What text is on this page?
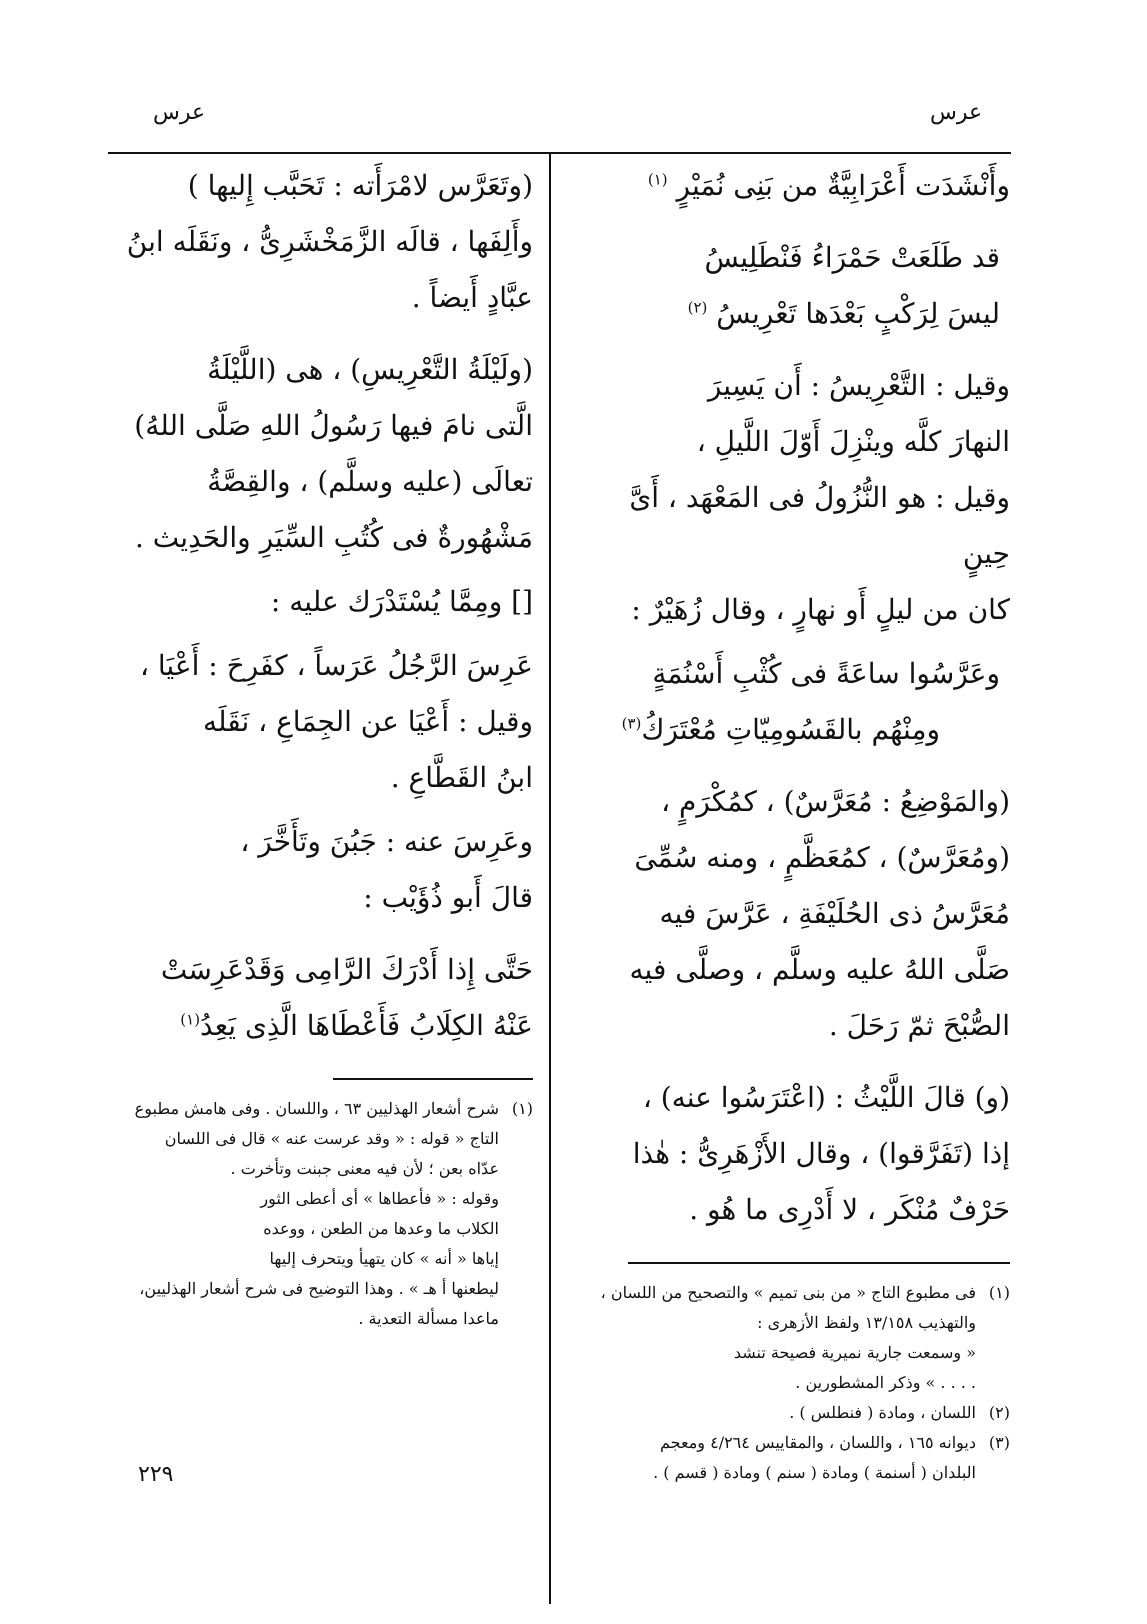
عرس
عرس

وأَنْشَدَت أَعْرَابِيَّةٌ من بَنِى نُمَيْرٍ $^{(١)}$

قد طَلَعَتْ حَمْرَاءُ فَنْطَلِيسُ

ليسَ لِرَكْبٍ بَعْدَها تَعْرِيسُ $^{(٢)}$

وقيل : التَّعْرِيسُ : أَن يَسِيرَ

النهارَ كلَّه وينْزِلَ أَوّلَ اللَّيلِ ،

وقيل : هو النُّزُولُ فى المَعْهَد ، أَىَّ حِينٍ

كان من ليلٍ أَو نهارٍ ، وقال زُهَيْرٌ :

وعَرَّسُوا ساعَةً فى كُثْبِ أَسْنُمَةٍ

ومِنْهُم بالقَسُومِيّاتِ مُعْتَرَكُ$^{(٣)}$

(والمَوْضِعُ : مُعَرَّسٌ) ، كمُكْرَمٍ ،

(ومُعَرَّسٌ) ، كمُعَظَّمٍ ، ومنه سُمِّىَ

مُعَرَّسُ ذى الحُلَيْفَةِ ، عَرَّسَ فيه

صَلَّى اللهُ عليه وسلَّم ، وصلَّى فيه

الصُّبْحَ ثمّ رَحَلَ .

(و) قالَ اللَّيْثُ : (اعْتَرَسُوا عنه) ،

إذا (تَفَرَّقوا) ، وقال الأَزْهَرِىُّ : هٰذا

حَرْفٌ مُنْكَر ، لا أَدْرِى ما هُو .

(١)فى مطبوع التاج « من بنى تميم » والتصحيح من اللسان ،

والتهذيب ١٣/١٥٨ ولفظ الأزهرى :

« وسمعت جارية نميرية فصيحة تنشد

. . . . » وذكر المشطورين .

(٢)اللسان ، ومادة ( فنطلس ) .

(٣)ديوانه ١٦٥ ، واللسان ، والمقاييس ٤/٢٦٤ ومعجم

البلدان ( أسنمة ) ومادة ( سنم ) ومادة ( قسم ) .

(وتَعَرَّس لامْرَأَته : تَحَبَّب إِليها )

وأَلِفَها ، قالَه الزَّمَخْشَرِىُّ ، ونَقَلَه ابنُ

عبَّادٍ أَيضاً .

(ولَيْلَةُ التَّعْرِيسِ) ، هى (اللَّيْلَةُ

الَّتى نامَ فيها رَسُولُ اللهِ صَلَّى اللهُ)

تعالَى (عليه وسلَّم) ، والقِصَّةُ

مَشْهُورةٌ فى كُتُبِ السِّيَرِ والحَدِيث .

[] ومِمَّا يُسْتَدْرَك عليه :

عَرِسَ الرَّجُلُ عَرَساً ، كفَرِحَ : أَعْيَا ،

وقيل : أَعْيَا عن الجِمَاعِ ، نَقَلَه

ابنُ القَطَّاعِ .

وعَرِسَ عنه : جَبُنَ وتَأَخَّرَ ،

قالَ أَبو ذُؤَيْب :

حَتَّى إِذا أَدْرَكَ الرَّامِى وَقَدْعَرِسَتْ

عَنْهُ الكِلَابُ فَأَعْطَاهَا الَّذِى يَعِدُ$^{(١)}$

(١)شرح أشعار الهذليين ٦٣ ، واللسان . وفى هامش مطبوع

التاج « قوله : « وقد عرست عنه » قال فى اللسان

عدّاه بعن ؛ لأن فيه معنى جبنت وتأخرت .

وقوله : « فأعطاها » أى أعطى الثور

الكلاب ما وعدها من الطعن ، ووعده

إياها « أنه » كان يتهيأ ويتحرف إليها

ليطعنها أ هـ » . وهذا التوضيح فى شرح أشعار الهذليين،

ماعدا مسألة التعدية .

٢٢٩
